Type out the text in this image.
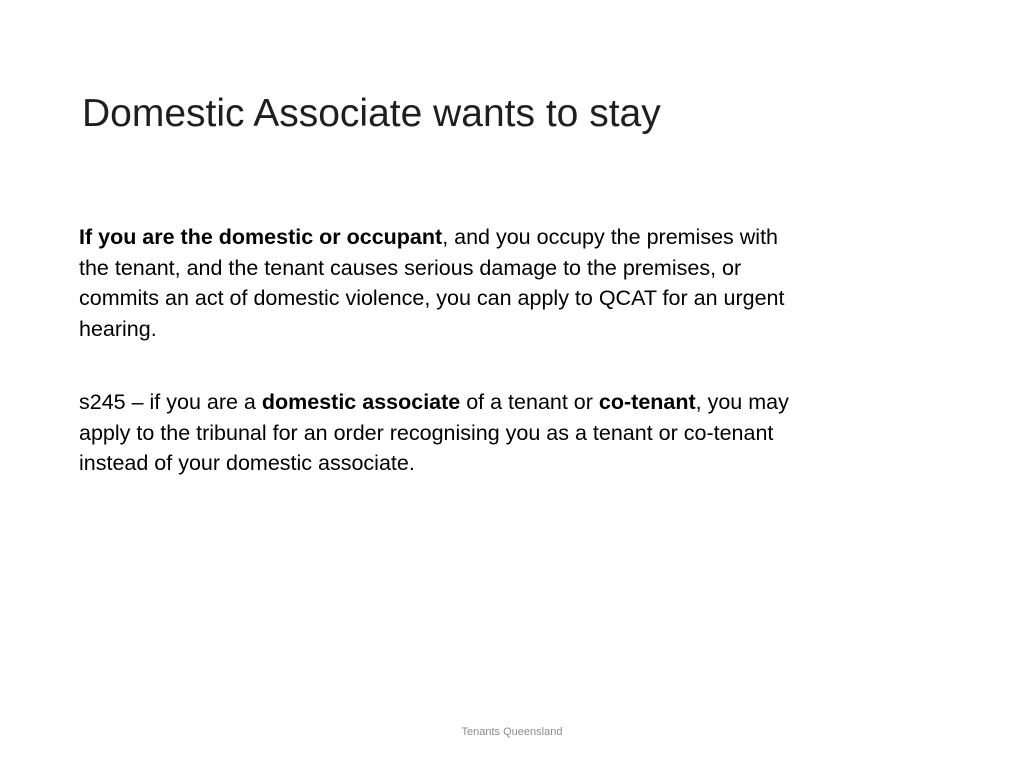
Domestic Associate wants to stay

If you are the domestic or occupant, and you occupy the premises with the tenant, and the tenant causes serious damage to the premises, or commits an act of domestic violence, you can apply to QCAT for an urgent hearing.

s245 – if you are a domestic associate of a tenant or co-tenant, you may apply to the tribunal for an order recognising you as a tenant or co-tenant instead of your domestic associate.

Tenants Queensland
